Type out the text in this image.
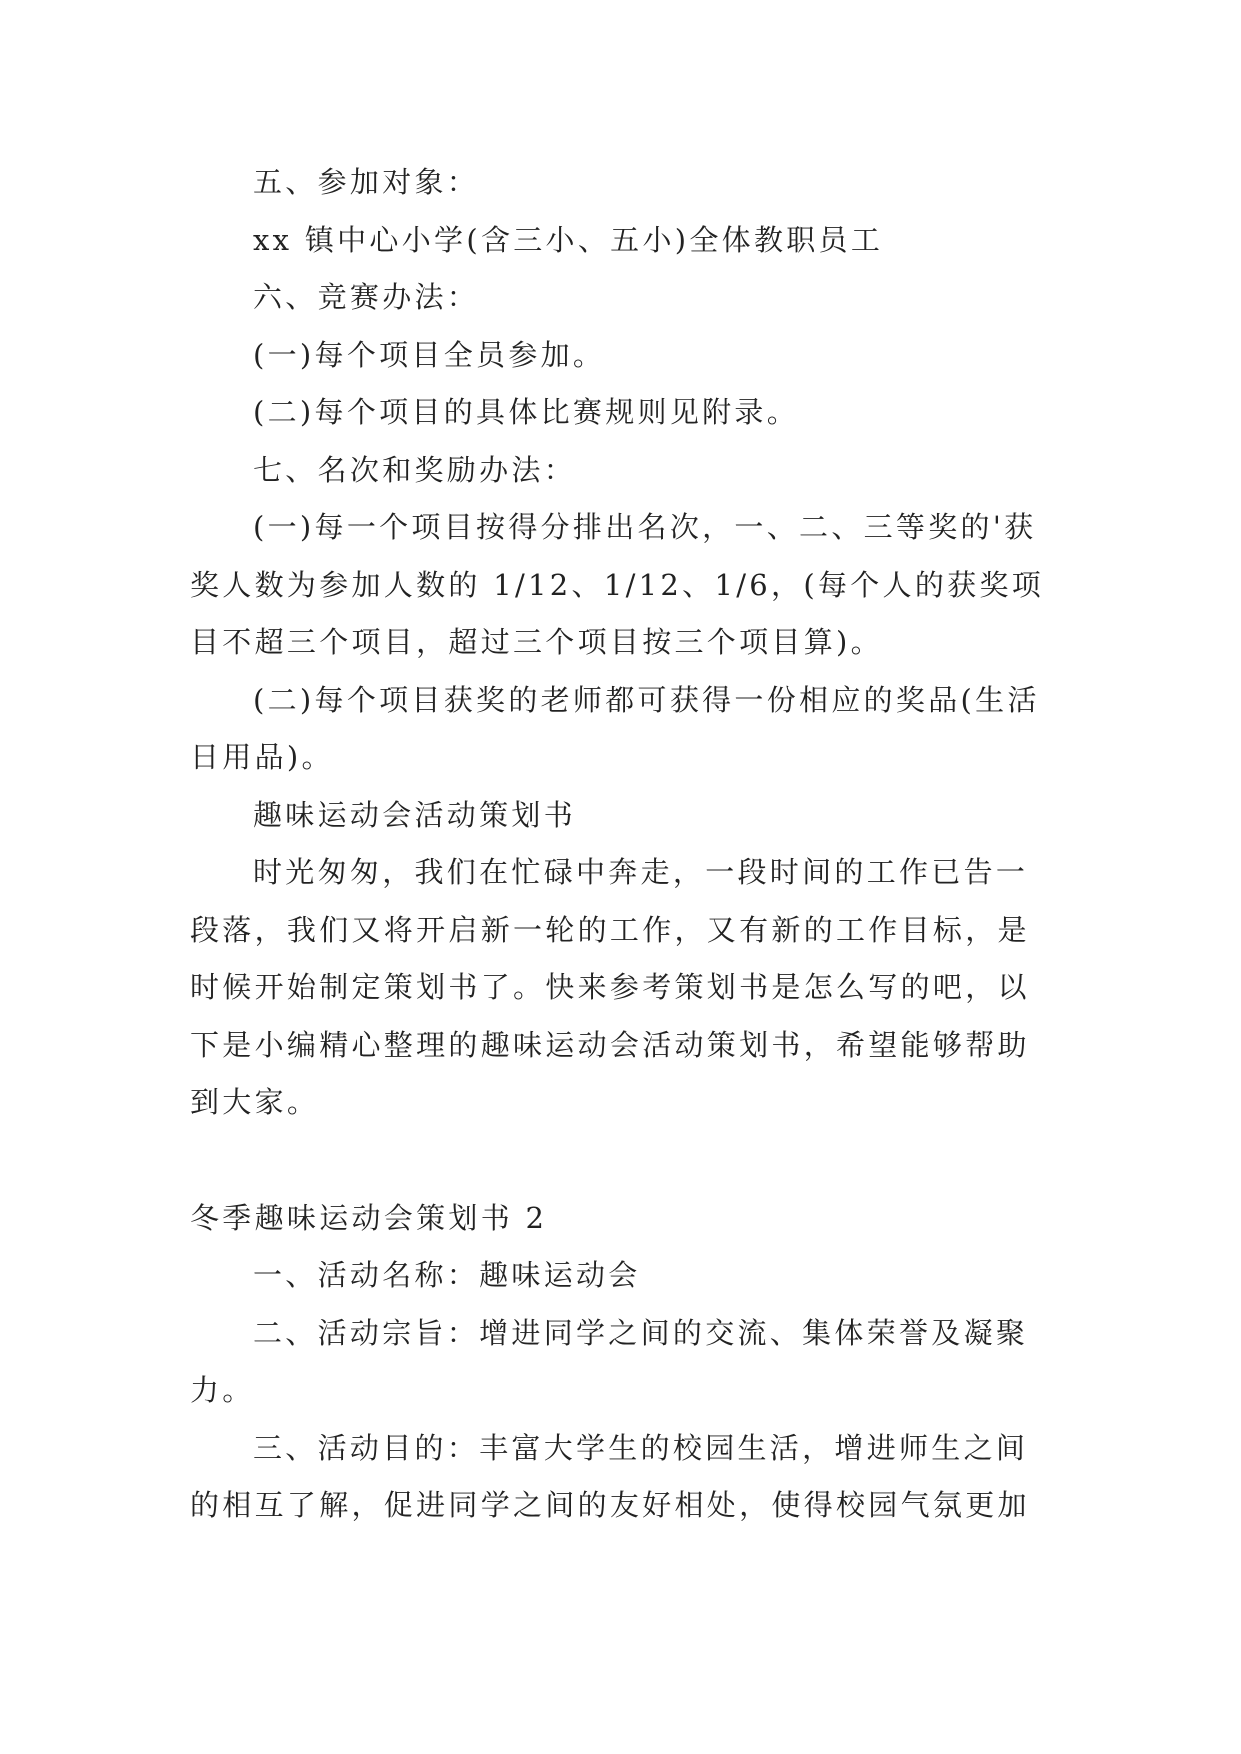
五、参加对象：

xx 镇中心小学(含三小、五小)全体教职员工

六、竞赛办法：

(一)每个项目全员参加。

(二)每个项目的具体比赛规则见附录。

七、名次和奖励办法：

(一)每一个项目按得分排出名次，一、二、三等奖的'获奖人数为参加人数的 1/12、1/12、1/6，(每个人的获奖项目不超三个项目，超过三个项目按三个项目算)。

(二)每个项目获奖的老师都可获得一份相应的奖品(生活日用品)。

趣味运动会活动策划书

时光匆匆，我们在忙碌中奔走，一段时间的工作已告一段落，我们又将开启新一轮的工作，又有新的工作目标，是时候开始制定策划书了。快来参考策划书是怎么写的吧，以下是小编精心整理的趣味运动会活动策划书，希望能够帮助到大家。

冬季趣味运动会策划书 2

一、活动名称：趣味运动会

二、活动宗旨：增进同学之间的交流、集体荣誉及凝聚力。

三、活动目的：丰富大学生的校园生活，增进师生之间的相互了解，促进同学之间的友好相处，使得校园气氛更加
